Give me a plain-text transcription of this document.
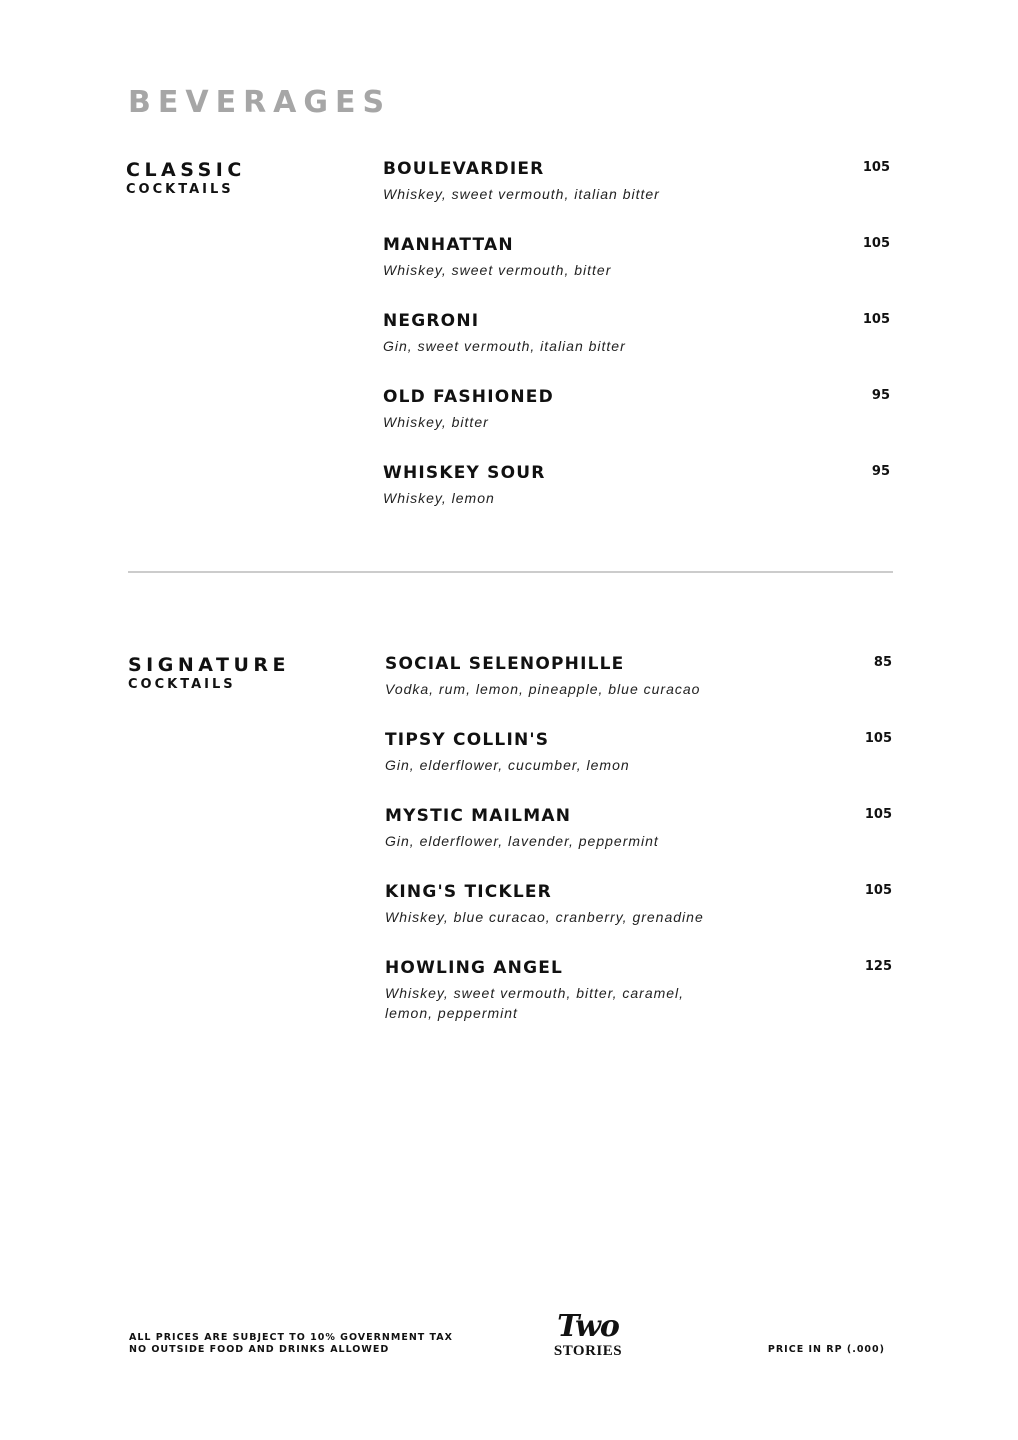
BEVERAGES
CLASSIC
COCKTAILS
BOULEVARDIER
Whiskey, sweet vermouth, italian bitter
105
MANHATTAN
Whiskey, sweet vermouth, bitter
105
NEGRONI
Gin, sweet vermouth, italian bitter
105
OLD FASHIONED
Whiskey, bitter
95
WHISKEY SOUR
Whiskey, lemon
95
SIGNATURE
COCKTAILS
SOCIAL SELENOPHILLE
Vodka, rum, lemon, pineapple, blue curacao
85
TIPSY COLLIN'S
Gin, elderflower, cucumber, lemon
105
MYSTIC MAILMAN
Gin, elderflower, lavender, peppermint
105
KING'S TICKLER
Whiskey, blue curacao, cranberry, grenadine
105
HOWLING ANGEL
Whiskey, sweet vermouth, bitter, caramel, lemon, peppermint
125
ALL PRICES ARE SUBJECT TO 10% GOVERNMENT TAX
NO OUTSIDE FOOD AND DRINKS ALLOWED
Two
STORIES	PRICE IN RP (.000)
